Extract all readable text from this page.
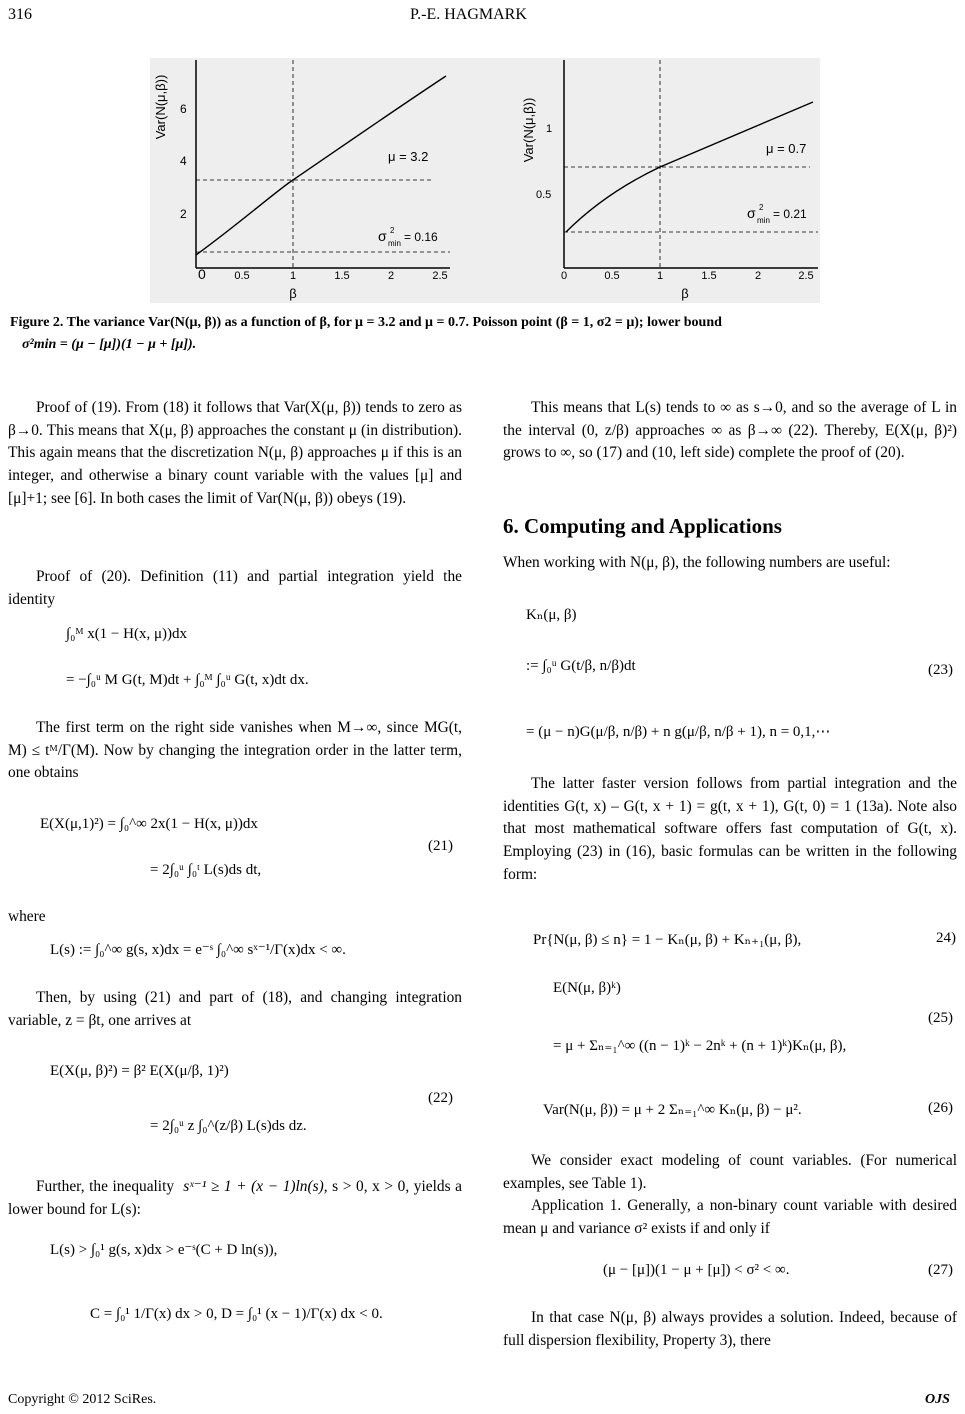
316	P.-E. HAGMARK
Var(N(μ,β))
0	0.5	1	1.5	2	2.5
2
4
6
β
μ = 3.2
σ 2
min = 0.16
Var(N(μ,β))
0	0.5	1	1.5	2	2.5
0.5
1
β
μ = 0.7
σ 2
min = 0.21
Figure 2. The variance Var(N(μ, β)) as a function of β, for μ = 3.2 and μ = 0.7. Poisson point (β = 1, σ2 = μ); lower bound
σ²min = (μ − [μ])(1 − μ + [μ]).

Proof of (19). From (18) it follows that Var(X(μ, β)) tends to zero as β→0. This means that X(μ, β) approaches the constant μ (in distribution). This again means that the discretization N(μ, β) approaches μ if this is an integer, and otherwise a binary count variable with the values [μ] and [μ]+1; see [6]. In both cases the limit of Var(N(μ, β)) obeys (19).

Proof of (20). Definition (11) and partial integration yield the identity

∫₀ᴹ x(1 − H(x, μ))dx
= −∫₀ᵘ M G(t, M)dt + ∫₀ᴹ ∫₀ᵘ G(t, x)dt dx.

The first term on the right side vanishes when M→∞, since MG(t, M) ≤ tᴹ/Γ(M). Now by changing the integration order in the latter term, one obtains

E(X(μ,1)²) = ∫₀^∞ 2x(1 − H(x, μ))dx
= 2∫₀ᵘ ∫₀ᵗ L(s)ds dt,
(21)
where
L(s) := ∫₀^∞ g(s, x)dx = e⁻ˢ ∫₀^∞ sˣ⁻¹/Γ(x)dx < ∞.

Then, by using (21) and part of (18), and changing integration variable, z = βt, one arrives at

E(X(μ, β)²) = β² E(X(μ/β, 1)²)
= 2∫₀ᵘ z ∫₀^(z/β) L(s)ds dz.
(22)

Further, the inequality sˣ⁻¹ ≥ 1 + (x − 1)ln(s), s > 0, x > 0, yields a lower bound for L(s):

L(s) > ∫₀¹ g(s, x)dx > e⁻ˢ(C + D ln(s)),
C = ∫₀¹ 1/Γ(x) dx > 0, D = ∫₀¹ (x − 1)/Γ(x) dx < 0.

This means that L(s) tends to ∞ as s→0, and so the average of L in the interval (0, z/β) approaches ∞ as β→∞ (22). Thereby, E(X(μ, β)²) grows to ∞, so (17) and (10, left side) complete the proof of (20).

6. Computing and Applications

When working with N(μ, β), the following numbers are useful:

Kₙ(μ, β)
:= ∫₀ᵘ G(t/β, n/β)dt
= (μ − n)G(μ/β, n/β) + n g(μ/β, n/β + 1), n = 0,1,⋯
(23)

The latter faster version follows from partial integration and the identities G(t, x) – G(t, x + 1) = g(t, x + 1), G(t, 0) = 1 (13a). Note also that most mathematical software offers fast computation of G(t, x). Employing (23) in (16), basic formulas can be written in the following form:

Pr{N(μ, β) ≤ n} = 1 − Kₙ(μ, β) + Kₙ₊₁(μ, β),	24)
E(N(μ, β)ᵏ)
= μ + Σₙ₌₁^∞ ((n − 1)ᵏ − 2nᵏ + (n + 1)ᵏ)Kₙ(μ, β),
(25)
Var(N(μ, β)) = μ + 2 Σₙ₌₁^∞ Kₙ(μ, β) − μ².	(26)

We consider exact modeling of count variables. (For numerical examples, see Table 1).

Application 1. Generally, a non-binary count variable with desired mean μ and variance σ² exists if and only if

(μ − [μ])(1 − μ + [μ]) < σ² < ∞.	(27)

In that case N(μ, β) always provides a solution. Indeed, because of full dispersion flexibility, Property 3), there

Copyright © 2012 SciRes.	OJS
